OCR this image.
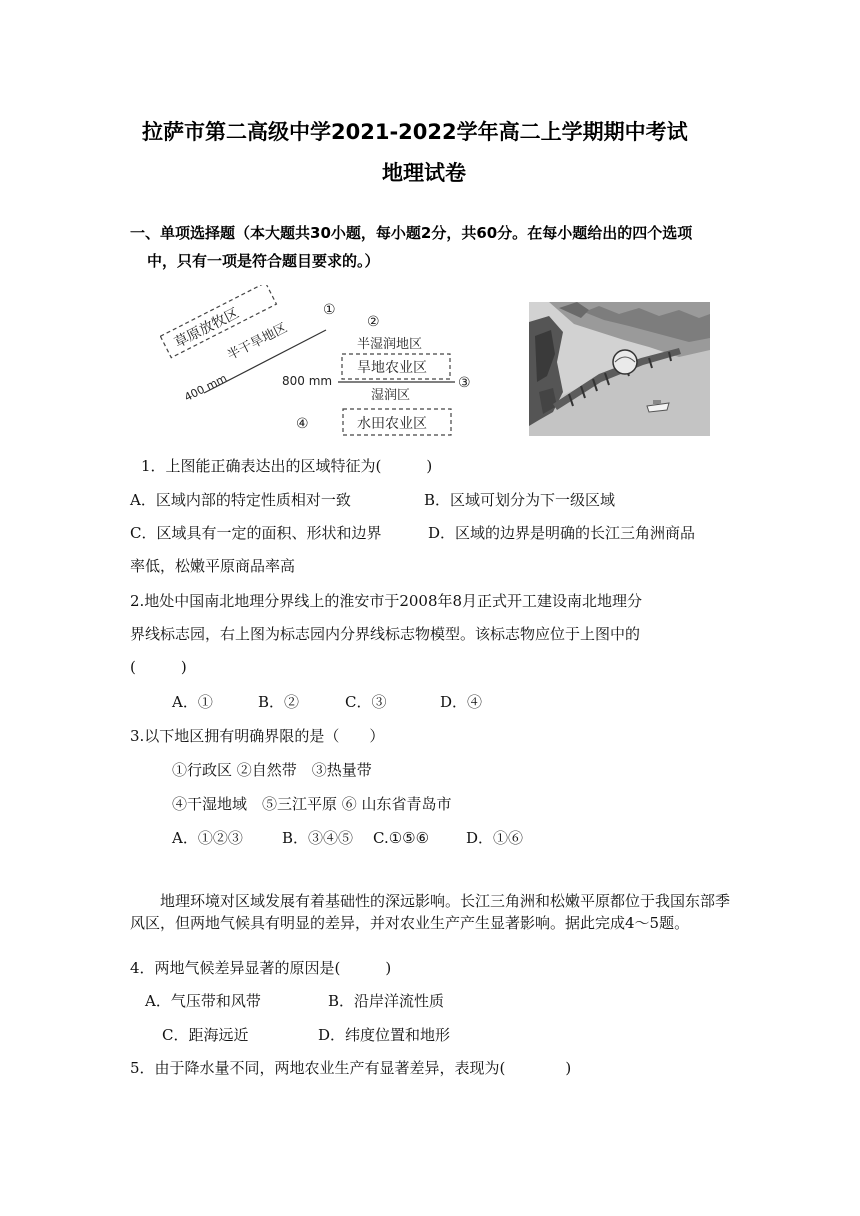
拉萨市第二高级中学2021-2022学年高二上学期期中考试
地理试卷
一、单项选择题（本大题共30小题，每小题2分，共60分。在每小题给出的四个选项
中，只有一项是符合题目要求的。）
草原放牧区
400 mm
半干旱地区
①
②
半湿润地区
旱地农业区
800 mm	③
湿润区
④	水田农业区
1．上图能正确表达出的区域特征为(　　　)
A．区域内部的特定性质相对一致	B．区域可划分为下一级区域
C．区域具有一定的面积、形状和边界	D．区域的边界是明确的长江三角洲商品
率低，松嫩平原商品率高
2.地处中国南北地理分界线上的淮安市于2008年8月正式开工建设南北地理分
界线标志园，右上图为标志园内分界线标志物模型。该标志物应位于上图中的
(　　　)
A．①	B．②	C．③	D．④
3.以下地区拥有明确界限的是（　　）
①行政区 ②自然带　③热量带
④干湿地域　⑤三江平原 ⑥ 山东省青岛市
A．①②③	B．③④⑤ C.①⑤⑥ D．①⑥
地理环境对区域发展有着基础性的深远影响。长江三角洲和松嫩平原都位于我国东部季风区，但两地气候具有明显的差异，并对农业生产产生显著影响。据此完成4～5题。
4．两地气候差异显著的原因是(　　　)
A．气压带和风带	B．沿岸洋流性质
C．距海远近	D．纬度位置和地形
5．由于降水量不同，两地农业生产有显著差异，表现为(　　　　)
